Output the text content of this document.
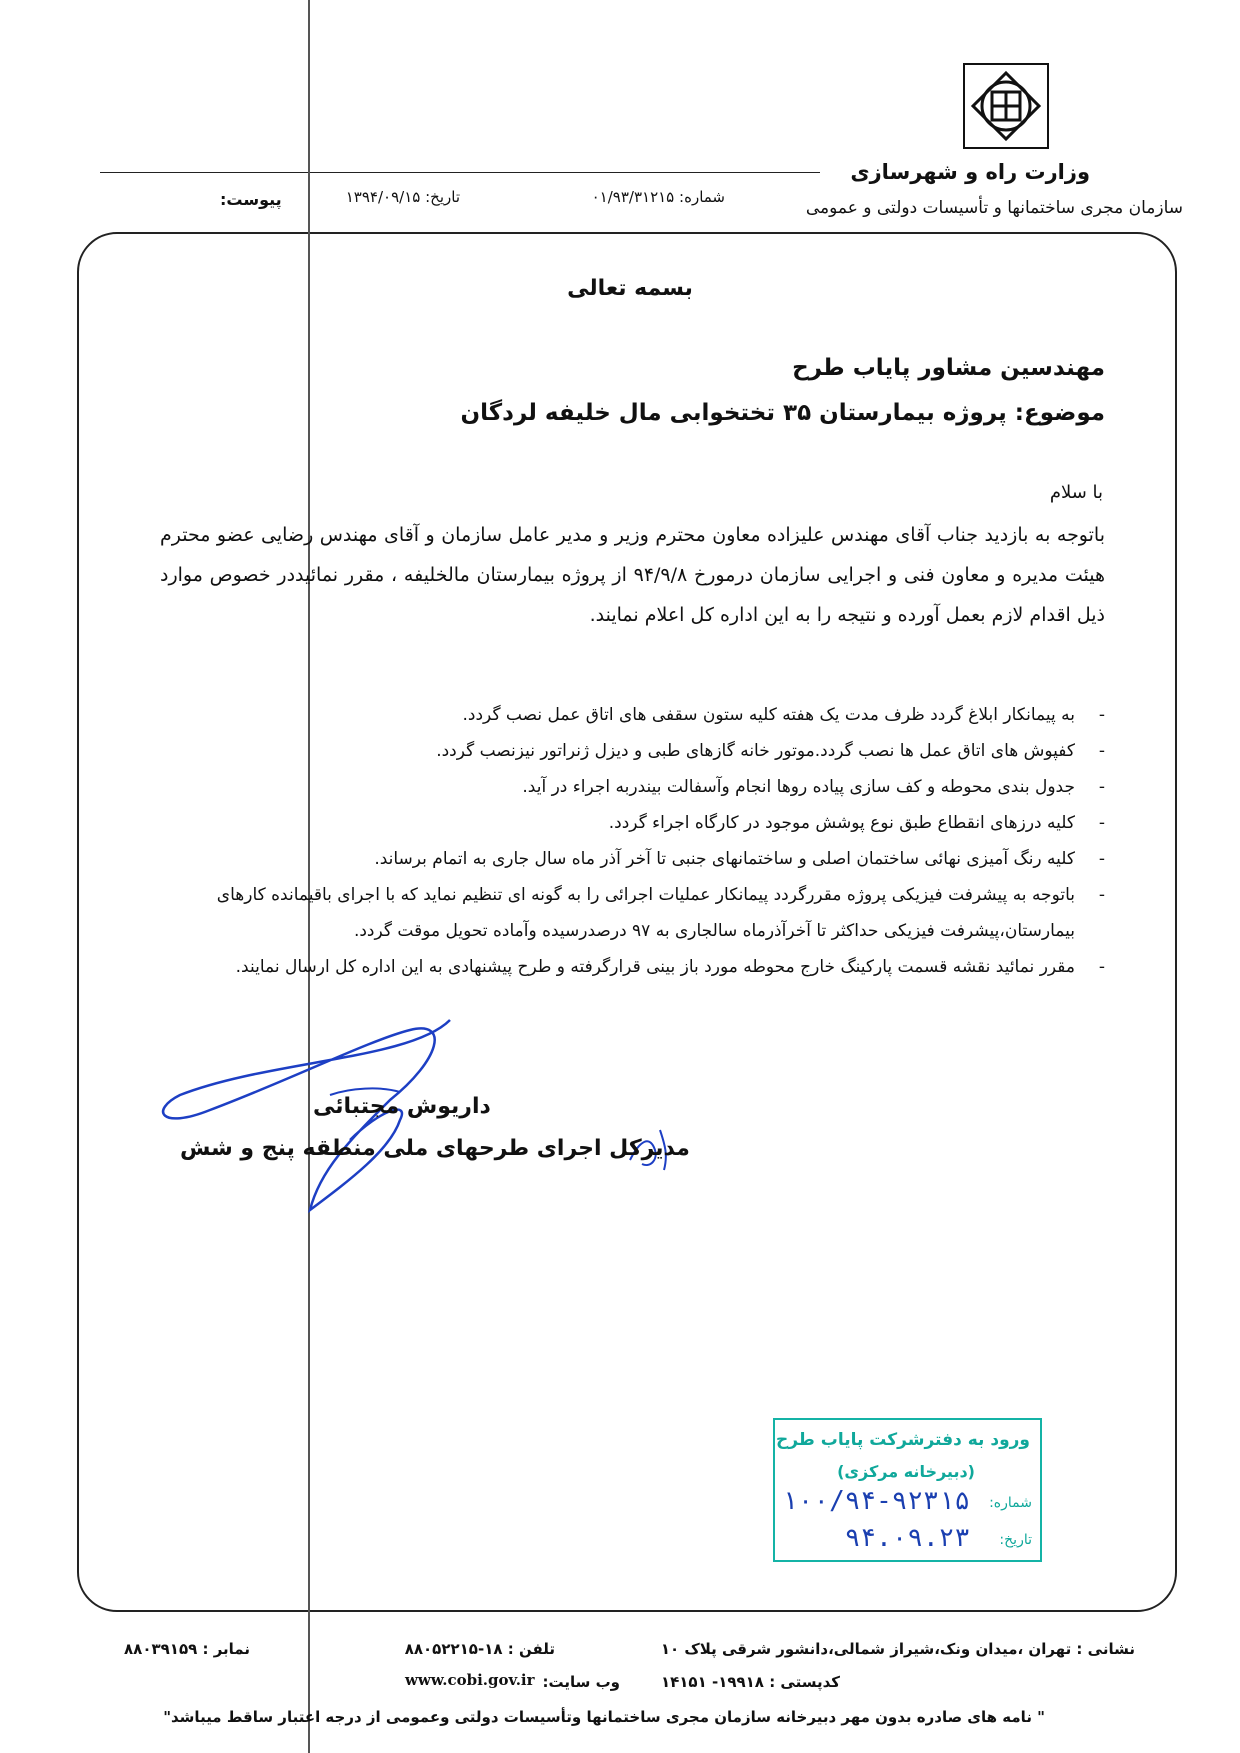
وزارت راه و شهرسازی
سازمان مجری ساختمانها و تأسیسات دولتی و عمومی
شماره: ۰۱/۹۳/۳۱۲۱۵
تاریخ: ۱۳۹۴/۰۹/۱۵
پیوست:
بسمه تعالی
مهندسین مشاور پایاب طرح
موضوع: پروژه بیمارستان ۳۵ تختخوابی مال خلیفه لردگان
با سلام
باتوجه به بازدید جناب آقای مهندس علیزاده معاون محترم وزیر و مدیر عامل سازمان و آقای مهندس رضایی عضو محترم هیئت مدیره و معاون فنی و اجرایی سازمان درمورخ ۹۴/۹/۸ از پروژه بیمارستان مالخلیفه ، مقرر نمائیددر خصوص موارد ذیل اقدام لازم بعمل آورده و نتیجه را به این اداره کل اعلام نمایند.
-
به پیمانکار ابلاغ گردد ظرف مدت یک هفته کلیه ستون سقفی های اتاق عمل نصب گردد.
-
کفپوش های اتاق عمل ها نصب گردد.موتور خانه گازهای طبی و دیزل ژنراتور نیزنصب گردد.
-
جدول بندی محوطه و کف سازی پیاده روها انجام وآسفالت بیندربه اجراء در آید.
-
کلیه درزهای انقطاع طبق نوع پوشش موجود در کارگاه اجراء گردد.
-
کلیه رنگ آمیزی نهائی ساختمان اصلی و ساختمانهای جنبی تا آخر آذر ماه سال جاری به اتمام برساند.
-
باتوجه به پیشرفت فیزیکی پروژه مقررگردد پیمانکار عملیات اجرائی را به گونه ای تنظیم نماید که با اجرای باقیمانده کارهای بیمارستان،پیشرفت فیزیکی حداکثر تا آخرآذرماه سالجاری به ۹۷ درصدرسیده وآماده تحویل موقت گردد.
-
مقرر نمائید نقشه قسمت پارکینگ خارج محوطه مورد باز بینی قرارگرفته و طرح پیشنهادی به این اداره کل ارسال نمایند.
داریوش مجتبائی
مدیرکل اجرای طرحهای ملی منطقه پنج و شش
ورود به دفترشرکت پایاب طرح
(دبیرخانه مرکزی)
شماره:
۱۰۰/۹۴-۹۲۳۱۵
تاریخ:
۹۴.۰۹.۲۳
نشانی : تهران ،میدان ونک،شیراز شمالی،دانشور شرقی پلاک ۱۰
کدپستی : ۱۹۹۱۸- ۱۴۱۵۱
تلفن : ۱۸-۸۸۰۵۲۲۱۵
نمابر : ۸۸۰۳۹۱۵۹
وب سایت:
www.cobi.gov.ir
" نامه های صادره بدون مهر دبیرخانه سازمان مجری ساختمانها وتأسیسات دولتی وعمومی از درجه اعتبار ساقط میباشد"
